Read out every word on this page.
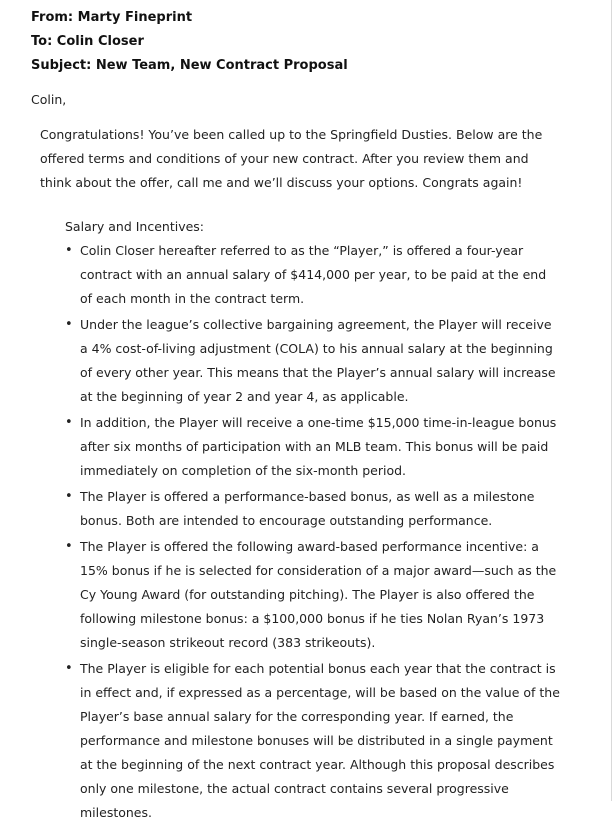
From: Marty Fineprint
To: Colin Closer
Subject: New Team, New Contract Proposal
Colin,
Congratulations! You’ve been called up to the Springfield Dusties. Below are the offered terms and conditions of your new contract. After you review them and think about the offer, call me and we’ll discuss your options. Congrats again!
Salary and Incentives:
• Colin Closer hereafter referred to as the “Player,” is offered a four-year contract with an annual salary of $414,000 per year, to be paid at the end of each month in the contract term.
• Under the league’s collective bargaining agreement, the Player will receive a 4% cost-of-living adjustment (COLA) to his annual salary at the beginning of every other year. This means that the Player’s annual salary will increase at the beginning of year 2 and year 4, as applicable.
• In addition, the Player will receive a one-time $15,000 time-in-league bonus after six months of participation with an MLB team. This bonus will be paid immediately on completion of the six-month period.
• The Player is offered a performance-based bonus, as well as a milestone bonus. Both are intended to encourage outstanding performance.
• The Player is offered the following award-based performance incentive: a 15% bonus if he is selected for consideration of a major award—such as the Cy Young Award (for outstanding pitching). The Player is also offered the following milestone bonus: a $100,000 bonus if he ties Nolan Ryan’s 1973 single-season strikeout record (383 strikeouts).
• The Player is eligible for each potential bonus each year that the contract is in effect and, if expressed as a percentage, will be based on the value of the Player’s base annual salary for the corresponding year. If earned, the performance and milestone bonuses will be distributed in a single payment at the beginning of the next contract year. Although this proposal describes only one milestone, the actual contract contains several progressive milestones.
